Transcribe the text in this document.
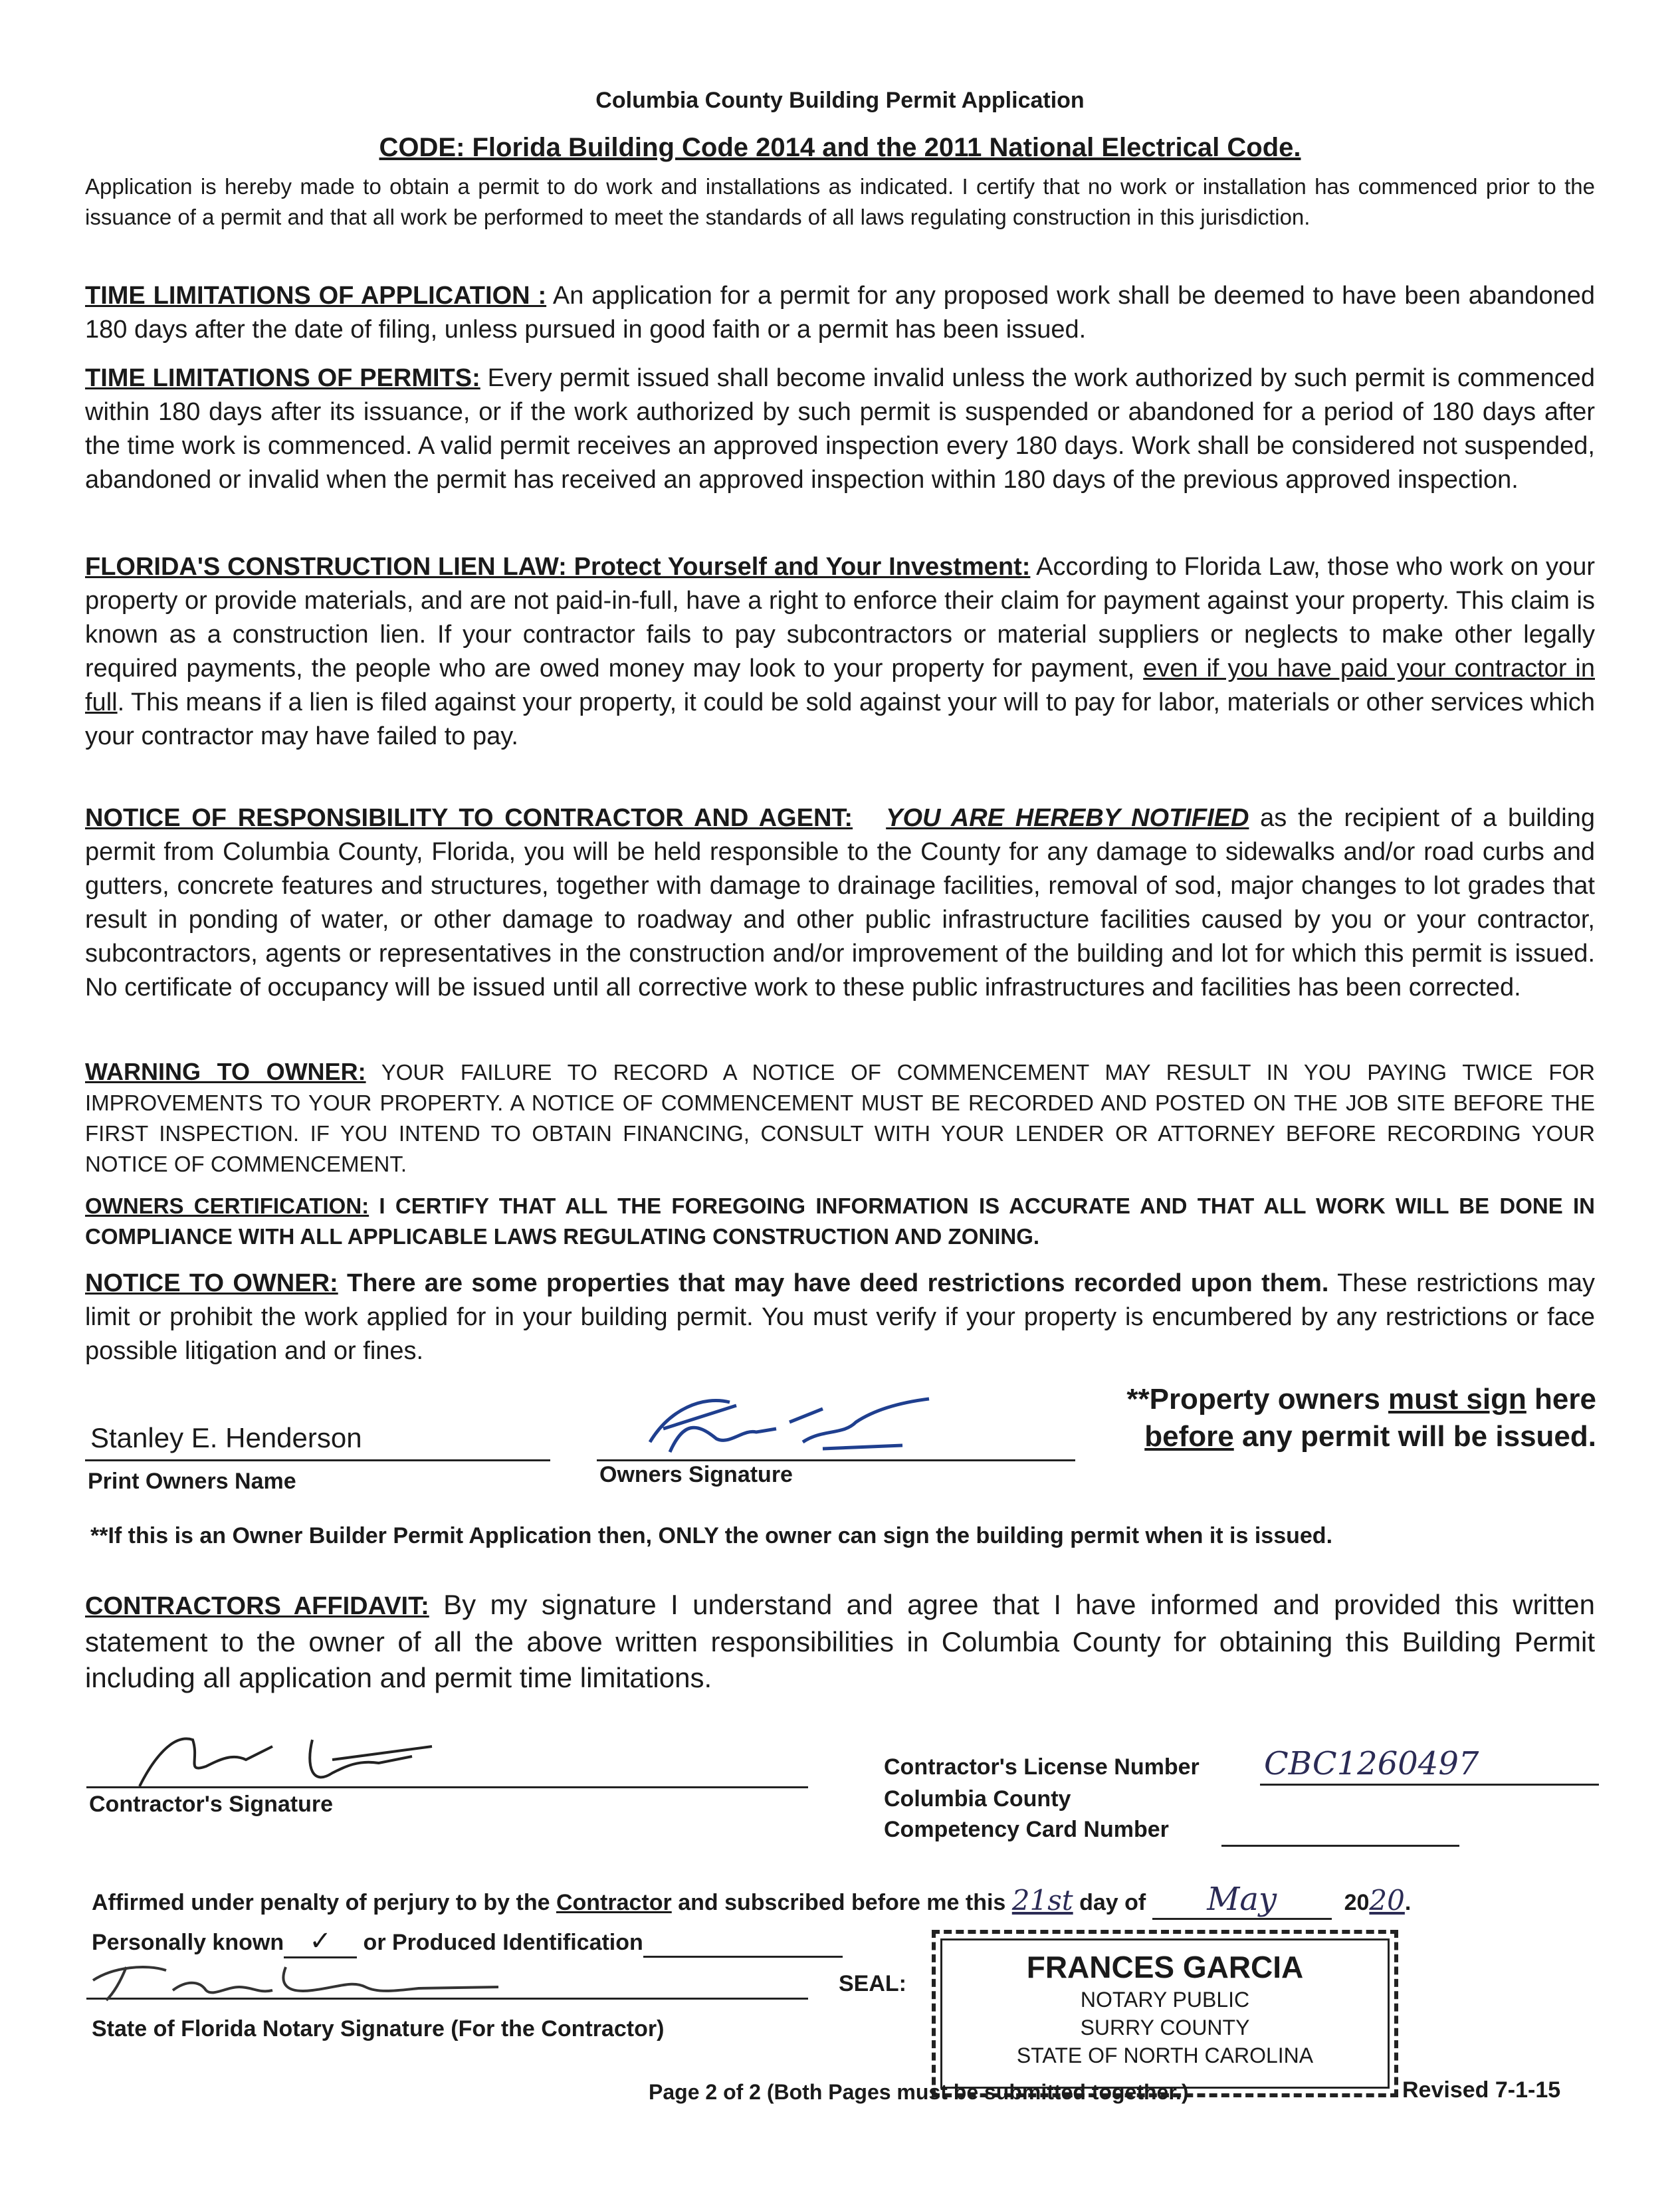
Columbia County Building Permit Application
CODE: Florida Building Code 2014 and the 2011 National Electrical Code.
Application is hereby made to obtain a permit to do work and installations as indicated. I certify that no work or installation has commenced prior to the issuance of a permit and that all work be performed to meet the standards of all laws regulating construction in this jurisdiction.
TIME LIMITATIONS OF APPLICATION : An application for a permit for any proposed work shall be deemed to have been abandoned 180 days after the date of filing, unless pursued in good faith or a permit has been issued.
TIME LIMITATIONS OF PERMITS: Every permit issued shall become invalid unless the work authorized by such permit is commenced within 180 days after its issuance, or if the work authorized by such permit is suspended or abandoned for a period of 180 days after the time work is commenced. A valid permit receives an approved inspection every 180 days. Work shall be considered not suspended, abandoned or invalid when the permit has received an approved inspection within 180 days of the previous approved inspection.
FLORIDA'S CONSTRUCTION LIEN LAW: Protect Yourself and Your Investment: According to Florida Law, those who work on your property or provide materials, and are not paid-in-full, have a right to enforce their claim for payment against your property. This claim is known as a construction lien. If your contractor fails to pay subcontractors or material suppliers or neglects to make other legally required payments, the people who are owed money may look to your property for payment, even if you have paid your contractor in full. This means if a lien is filed against your property, it could be sold against your will to pay for labor, materials or other services which your contractor may have failed to pay.
NOTICE OF RESPONSIBILITY TO CONTRACTOR AND AGENT: YOU ARE HEREBY NOTIFIED as the recipient of a building permit from Columbia County, Florida, you will be held responsible to the County for any damage to sidewalks and/or road curbs and gutters, concrete features and structures, together with damage to drainage facilities, removal of sod, major changes to lot grades that result in ponding of water, or other damage to roadway and other public infrastructure facilities caused by you or your contractor, subcontractors, agents or representatives in the construction and/or improvement of the building and lot for which this permit is issued. No certificate of occupancy will be issued until all corrective work to these public infrastructures and facilities has been corrected.
WARNING TO OWNER: YOUR FAILURE TO RECORD A NOTICE OF COMMENCEMENT MAY RESULT IN YOU PAYING TWICE FOR IMPROVEMENTS TO YOUR PROPERTY. A NOTICE OF COMMENCEMENT MUST BE RECORDED AND POSTED ON THE JOB SITE BEFORE THE FIRST INSPECTION. IF YOU INTEND TO OBTAIN FINANCING, CONSULT WITH YOUR LENDER OR ATTORNEY BEFORE RECORDING YOUR NOTICE OF COMMENCEMENT.
OWNERS CERTIFICATION: I CERTIFY THAT ALL THE FOREGOING INFORMATION IS ACCURATE AND THAT ALL WORK WILL BE DONE IN COMPLIANCE WITH ALL APPLICABLE LAWS REGULATING CONSTRUCTION AND ZONING.
NOTICE TO OWNER: There are some properties that may have deed restrictions recorded upon them. These restrictions may limit or prohibit the work applied for in your building permit. You must verify if your property is encumbered by any restrictions or face possible litigation and or fines.
Stanley E. Henderson
Print Owners Name	Owners Signature
**Property owners must sign here before any permit will be issued.
**If this is an Owner Builder Permit Application then, ONLY the owner can sign the building permit when it is issued.
CONTRACTORS AFFIDAVIT: By my signature I understand and agree that I have informed and provided this written statement to the owner of all the above written responsibilities in Columbia County for obtaining this Building Permit including all application and permit time limitations.
Contractor's Signature
Contractor's License Number CBC1260497
Columbia County
Competency Card Number
Affirmed under penalty of perjury to by the Contractor and subscribed before me this 21st day of May	2020.
Personally known ✓ or Produced Identification
SEAL:
State of Florida Notary Signature (For the Contractor)
FRANCES GARCIA
NOTARY PUBLIC
SURRY COUNTY
STATE OF NORTH CAROLINA
Page 2 of 2 (Both Pages must be submitted together.)	Revised 7-1-15
